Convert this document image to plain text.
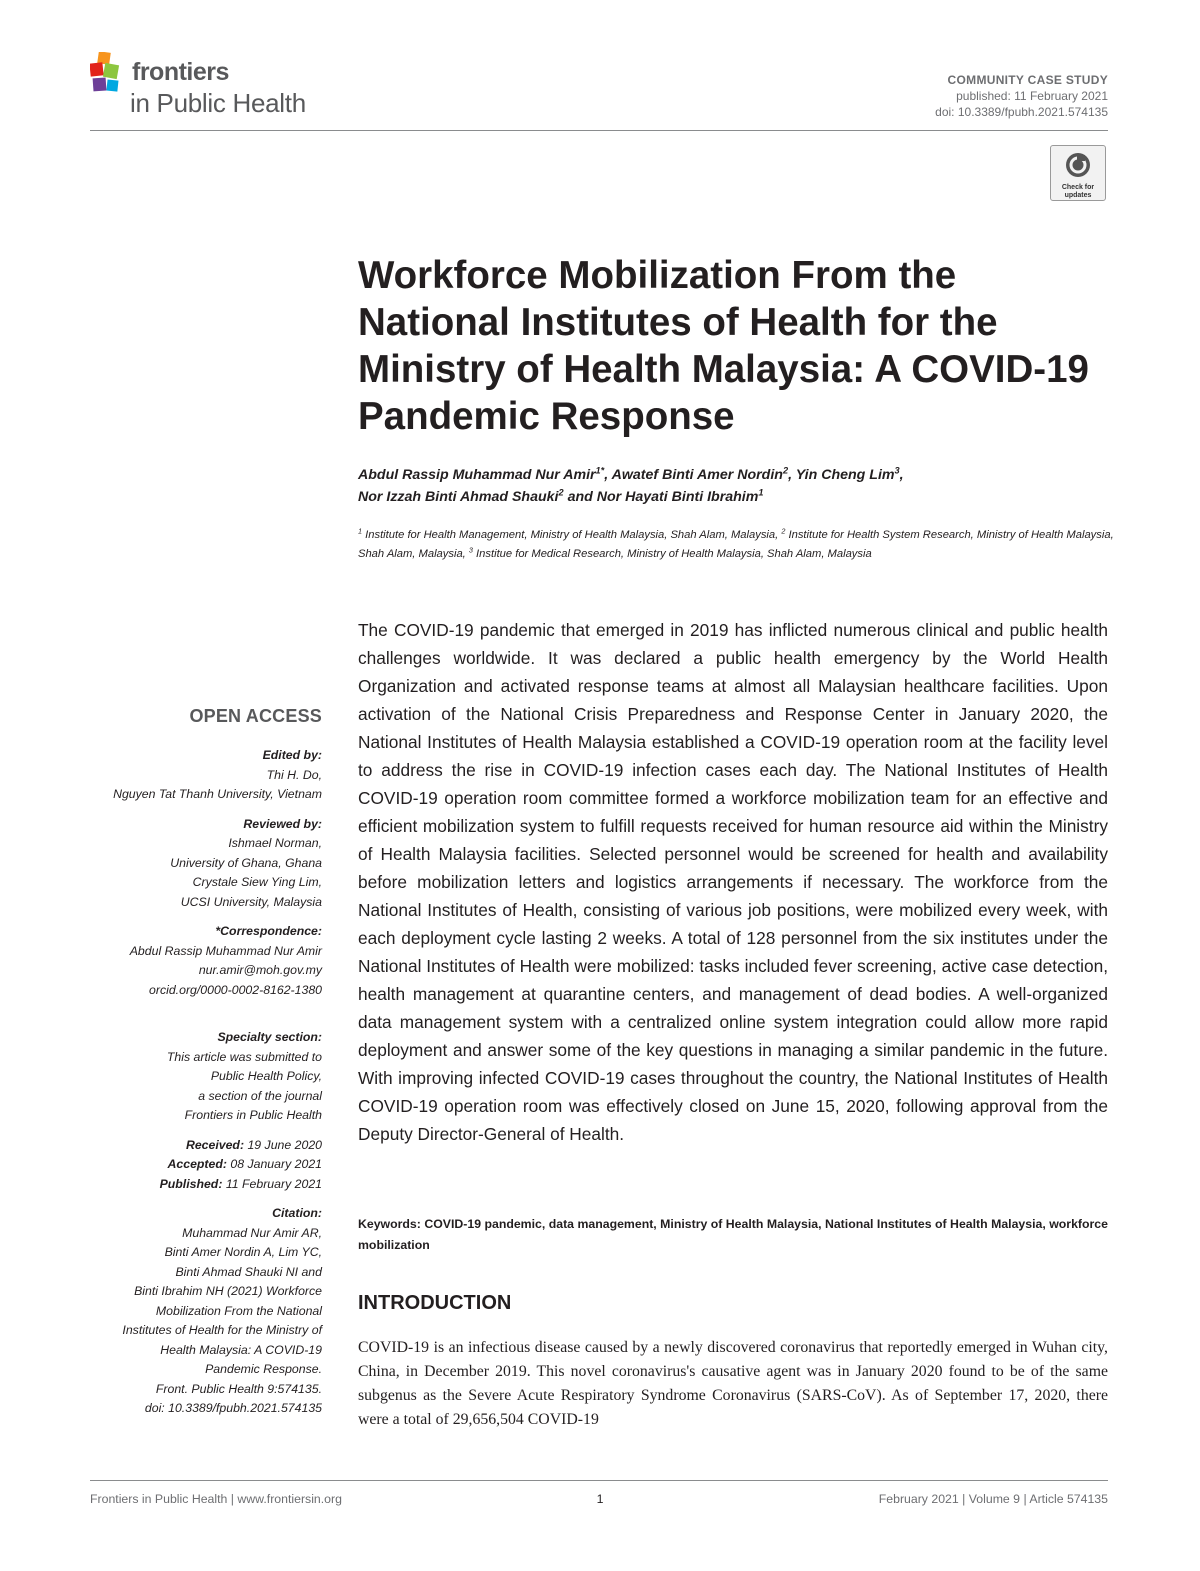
frontiers
in Public Health
COMMUNITY CASE STUDY
published: 11 February 2021
doi: 10.3389/fpubh.2021.574135
Check for
updates
Workforce Mobilization From the National Institutes of Health for the Ministry of Health Malaysia: A COVID-19 Pandemic Response
Abdul Rassip Muhammad Nur Amir$^{1*}$, Awatef Binti Amer Nordin$^2$, Yin Cheng Lim$^3$,
Nor Izzah Binti Ahmad Shauki$^2$ and Nor Hayati Binti Ibrahim$^1$
$^1$ Institute for Health Management, Ministry of Health Malaysia, Shah Alam, Malaysia, $^2$ Institute for Health System Research, Ministry of Health Malaysia, Shah Alam, Malaysia, $^3$ Institue for Medical Research, Ministry of Health Malaysia, Shah Alam, Malaysia

The COVID-19 pandemic that emerged in 2019 has inflicted numerous clinical and public health challenges worldwide. It was declared a public health emergency by the World Health Organization and activated response teams at almost all Malaysian healthcare facilities. Upon activation of the National Crisis Preparedness and Response Center in January 2020, the National Institutes of Health Malaysia established a COVID-19 operation room at the facility level to address the rise in COVID-19 infection cases each day. The National Institutes of Health COVID-19 operation room committee formed a workforce mobilization team for an effective and efficient mobilization system to fulfill requests received for human resource aid within the Ministry of Health Malaysia facilities. Selected personnel would be screened for health and availability before mobilization letters and logistics arrangements if necessary. The workforce from the National Institutes of Health, consisting of various job positions, were mobilized every week, with each deployment cycle lasting 2 weeks. A total of 128 personnel from the six institutes under the National Institutes of Health were mobilized: tasks included fever screening, active case detection, health management at quarantine centers, and management of dead bodies. A well-organized data management system with a centralized online system integration could allow more rapid deployment and answer some of the key questions in managing a similar pandemic in the future. With improving infected COVID-19 cases throughout the country, the National Institutes of Health COVID-19 operation room was effectively closed on June 15, 2020, following approval from the Deputy Director-General of Health.

Keywords: COVID-19 pandemic, data management, Ministry of Health Malaysia, National Institutes of Health Malaysia, workforce mobilization
INTRODUCTION

COVID-19 is an infectious disease caused by a newly discovered coronavirus that reportedly emerged in Wuhan city, China, in December 2019. This novel coronavirus's causative agent was in January 2020 found to be of the same subgenus as the Severe Acute Respiratory Syndrome Coronavirus (SARS-CoV). As of September 17, 2020, there were a total of 29,656,504 COVID-19

OPEN ACCESS
Edited by:
Thi H. Do,
Nguyen Tat Thanh University, Vietnam
Reviewed by:
Ishmael Norman,
University of Ghana, Ghana
Crystale Siew Ying Lim,
UCSI University, Malaysia
*Correspondence:
Abdul Rassip Muhammad Nur Amir
nur.amir@moh.gov.my
orcid.org/0000-0002-8162-1380
Specialty section:
This article was submitted to
Public Health Policy,
a section of the journal
Frontiers in Public Health
Received: 19 June 2020
Accepted: 08 January 2021
Published: 11 February 2021
Citation:
Muhammad Nur Amir AR,
Binti Amer Nordin A, Lim YC,
Binti Ahmad Shauki NI and
Binti Ibrahim NH (2021) Workforce
Mobilization From the National
Institutes of Health for the Ministry of
Health Malaysia: A COVID-19
Pandemic Response.
Front. Public Health 9:574135.
doi: 10.3389/fpubh.2021.574135
Frontiers in Public Health | www.frontiersin.org	1	February 2021 | Volume 9 | Article 574135
